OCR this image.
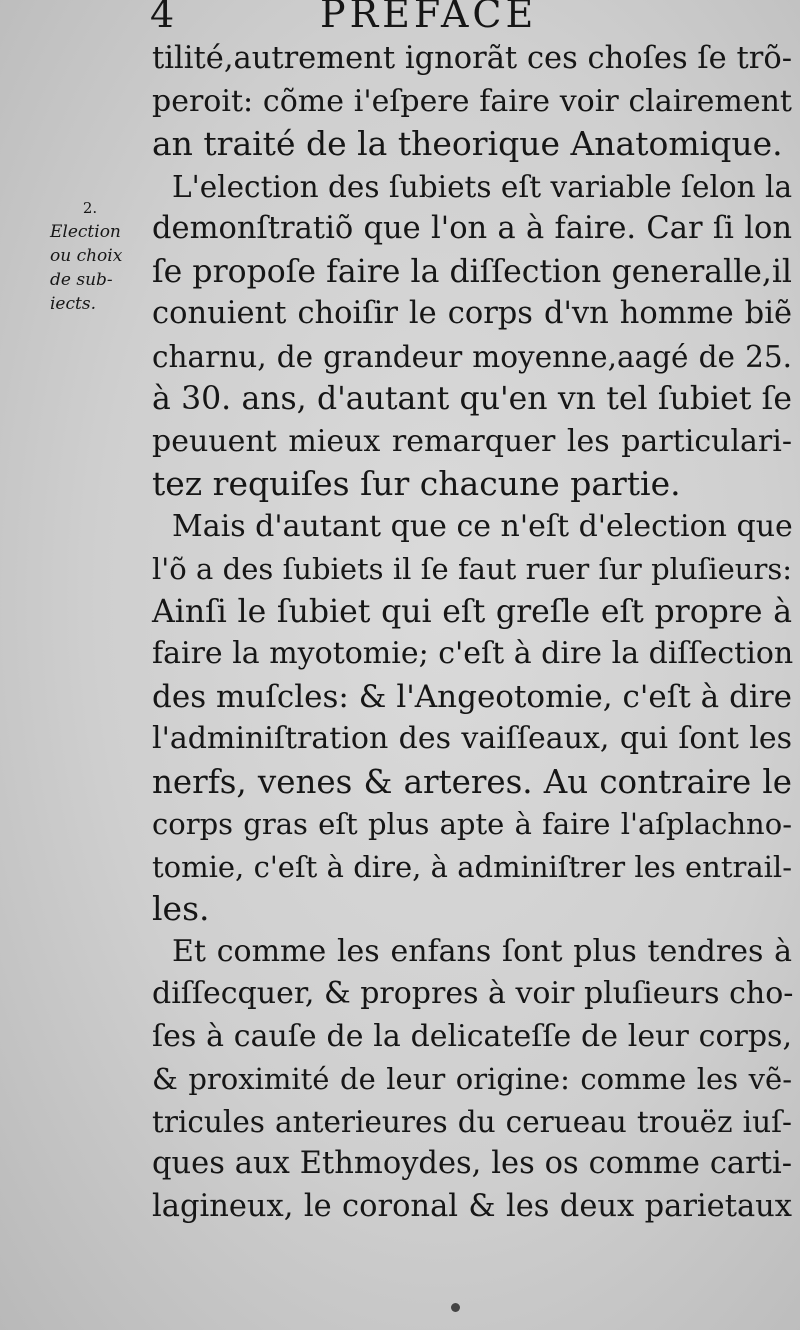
4	PREFACE
2.
Election
ou choix
de sub-
iects.
tilité,autrement ignorãt ces choſes ſe trõ-
peroit: cõme i'eſpere faire voir clairement
an traité de la theorique Anatomique.
L'election des ſubiets eſt variable ſelon la
demonſtratiõ que l'on a à faire. Car ſi lon
ſe propoſe faire la diſſection generalle,il
conuient choiſir le corps d'vn homme biẽ
charnu, de grandeur moyenne,aagé de 25.
à 30. ans, d'autant qu'en vn tel ſubiet ſe
peuuent mieux remarquer les particulari-
tez requiſes ſur chacune partie.
Mais d'autant que ce n'eſt d'election que
l'õ a des ſubiets il ſe faut ruer ſur pluſieurs:
Ainſi le ſubiet qui eſt greſle eſt propre à
faire la myotomie; c'eſt à dire la diſſection
des muſcles: & l'Angeotomie, c'eſt à dire
l'adminiſtration des vaiſſeaux, qui ſont les
nerfs, venes & arteres. Au contraire le
corps gras eſt plus apte à faire l'aſplachno-
tomie, c'eſt à dire, à adminiſtrer les entrail-
les.
Et comme les enfans ſont plus tendres à
diſſecquer, & propres à voir pluſieurs cho-
ſes à cauſe de la delicateſſe de leur corps,
& proximité de leur origine: comme les vẽ-
tricules anterieures du cerueau trouëz iuſ-
ques aux Ethmoydes, les os comme carti-
lagineux, le coronal & les deux parietaux
